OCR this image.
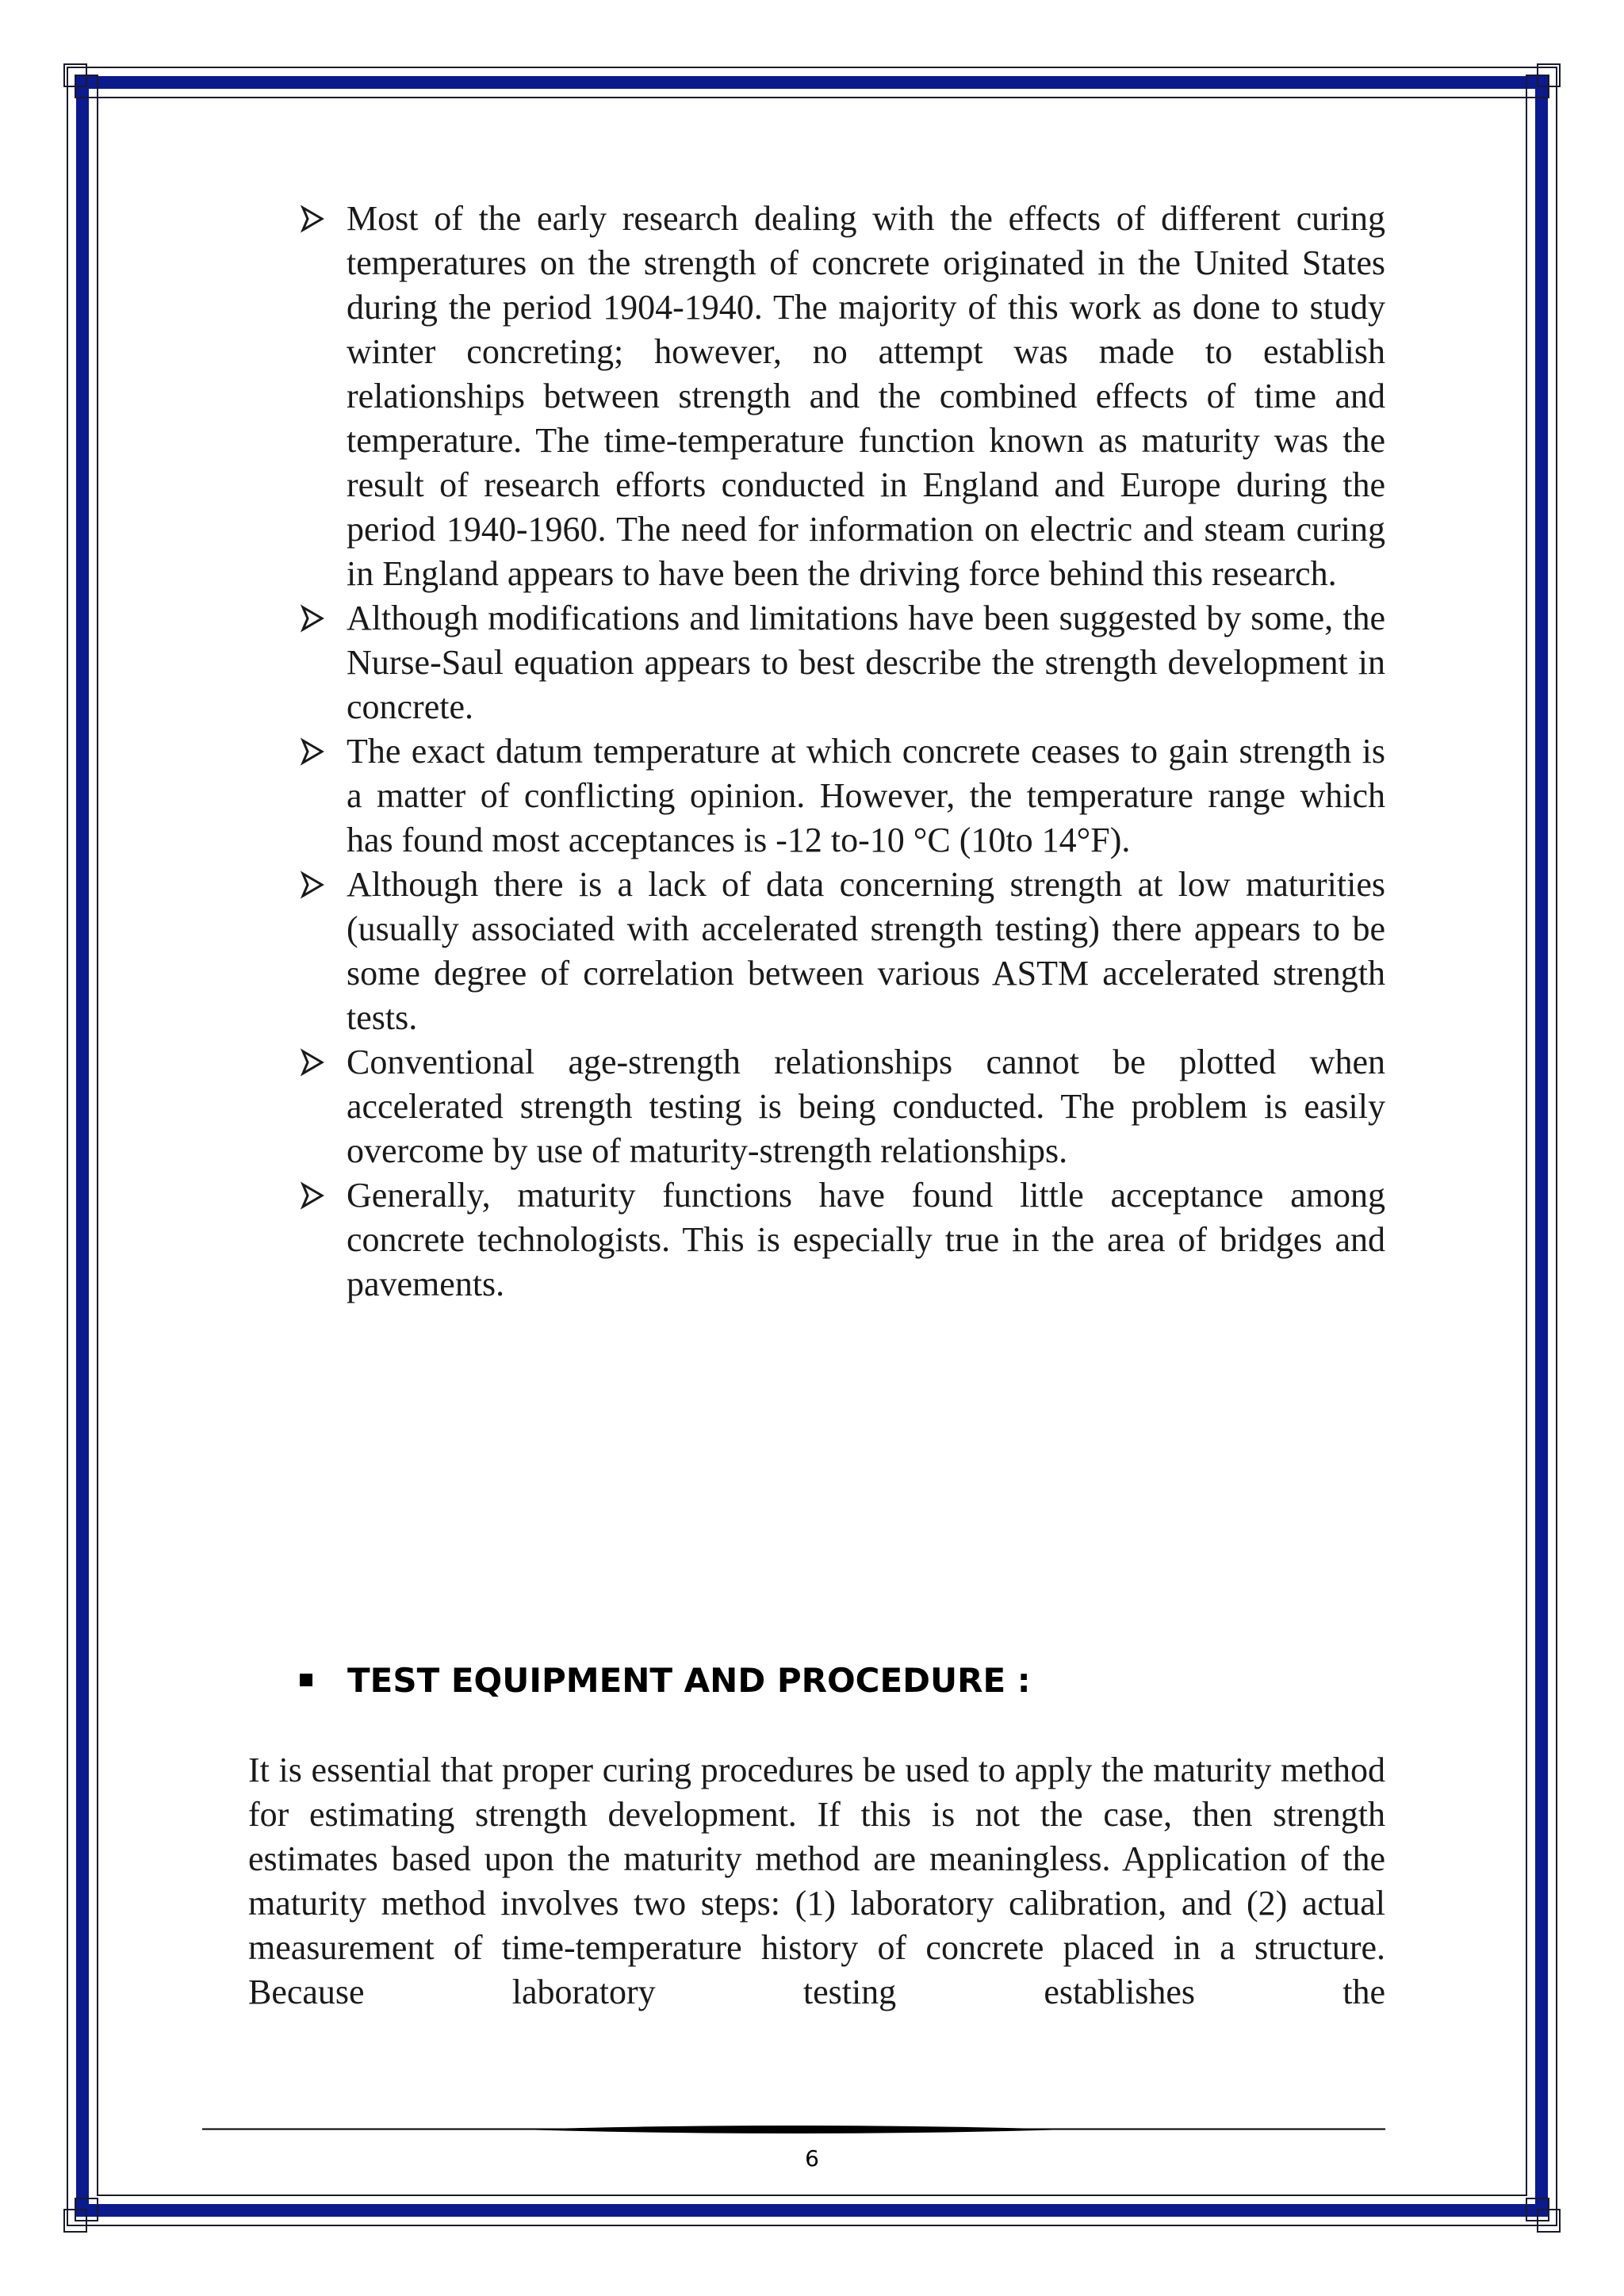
Most of the early research dealing with the effects of different curing temperatures on the strength of concrete originated in the United States during the period 1904-1940. The majority of this work as done to study winter concreting; however, no attempt was made to establish relationships between strength and the combined effects of time and temperature. The time-temperature function known as maturity was the result of research efforts conducted in England and Europe during the period 1940-1960. The need for information on electric and steam curing in England appears to have been the driving force behind this research.
Although modifications and limitations have been suggested by some, the Nurse-Saul equation appears to best describe the strength development in concrete.
The exact datum temperature at which concrete ceases to gain strength is a matter of conflicting opinion. However, the temperature range which has found most acceptances is -12 to-10 °C (10to 14°F).
Although there is a lack of data concerning strength at low maturities (usually associated with accelerated strength testing) there appears to be some degree of correlation between various ASTM accelerated strength tests.
Conventional age-strength relationships cannot be plotted when accelerated strength testing is being conducted. The problem is easily overcome by use of maturity-strength relationships.
Generally, maturity functions have found little acceptance among concrete technologists. This is especially true in the area of bridges and pavements.
TEST EQUIPMENT AND PROCEDURE :

It is essential that proper curing procedures be used to apply the maturity method for estimating strength development. If this is not the case, then strength estimates based upon the maturity method are meaningless. Application of the maturity method involves two steps: (1) laboratory calibration, and (2) actual measurement of time-temperature history of concrete placed in a structure. Because laboratory testing establishes the

6
